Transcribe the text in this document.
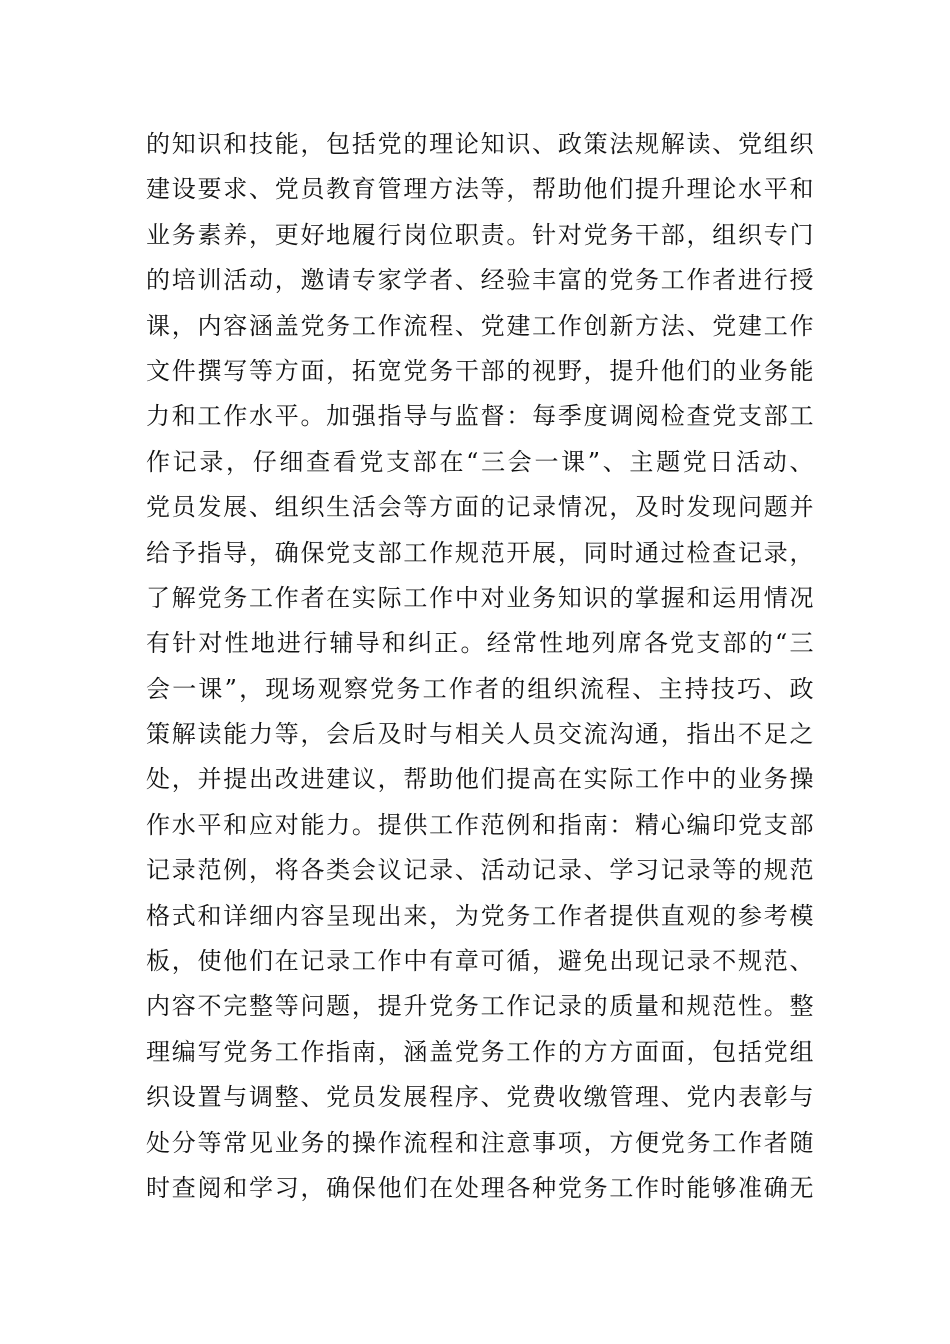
的知识和技能，包括党的理论知识、政策法规解读、党组织
建设要求、党员教育管理方法等，帮助他们提升理论水平和
业务素养，更好地履行岗位职责。针对党务干部，组织专门
的培训活动，邀请专家学者、经验丰富的党务工作者进行授
课，内容涵盖党务工作流程、党建工作创新方法、党建工作
文件撰写等方面，拓宽党务干部的视野，提升他们的业务能
力和工作水平。加强指导与监督：每季度调阅检查党支部工
作记录，仔细查看党支部在“三会一课”、主题党日活动、
党员发展、组织生活会等方面的记录情况，及时发现问题并
给予指导，确保党支部工作规范开展，同时通过检查记录，
了解党务工作者在实际工作中对业务知识的掌握和运用情况
有针对性地进行辅导和纠正。经常性地列席各党支部的“三
会一课”，现场观察党务工作者的组织流程、主持技巧、政
策解读能力等，会后及时与相关人员交流沟通，指出不足之
处，并提出改进建议，帮助他们提高在实际工作中的业务操
作水平和应对能力。提供工作范例和指南：精心编印党支部
记录范例，将各类会议记录、活动记录、学习记录等的规范
格式和详细内容呈现出来，为党务工作者提供直观的参考模
板，使他们在记录工作中有章可循，避免出现记录不规范、
内容不完整等问题，提升党务工作记录的质量和规范性。整
理编写党务工作指南，涵盖党务工作的方方面面，包括党组
织设置与调整、党员发展程序、党费收缴管理、党内表彰与
处分等常见业务的操作流程和注意事项，方便党务工作者随
时查阅和学习，确保他们在处理各种党务工作时能够准确无
